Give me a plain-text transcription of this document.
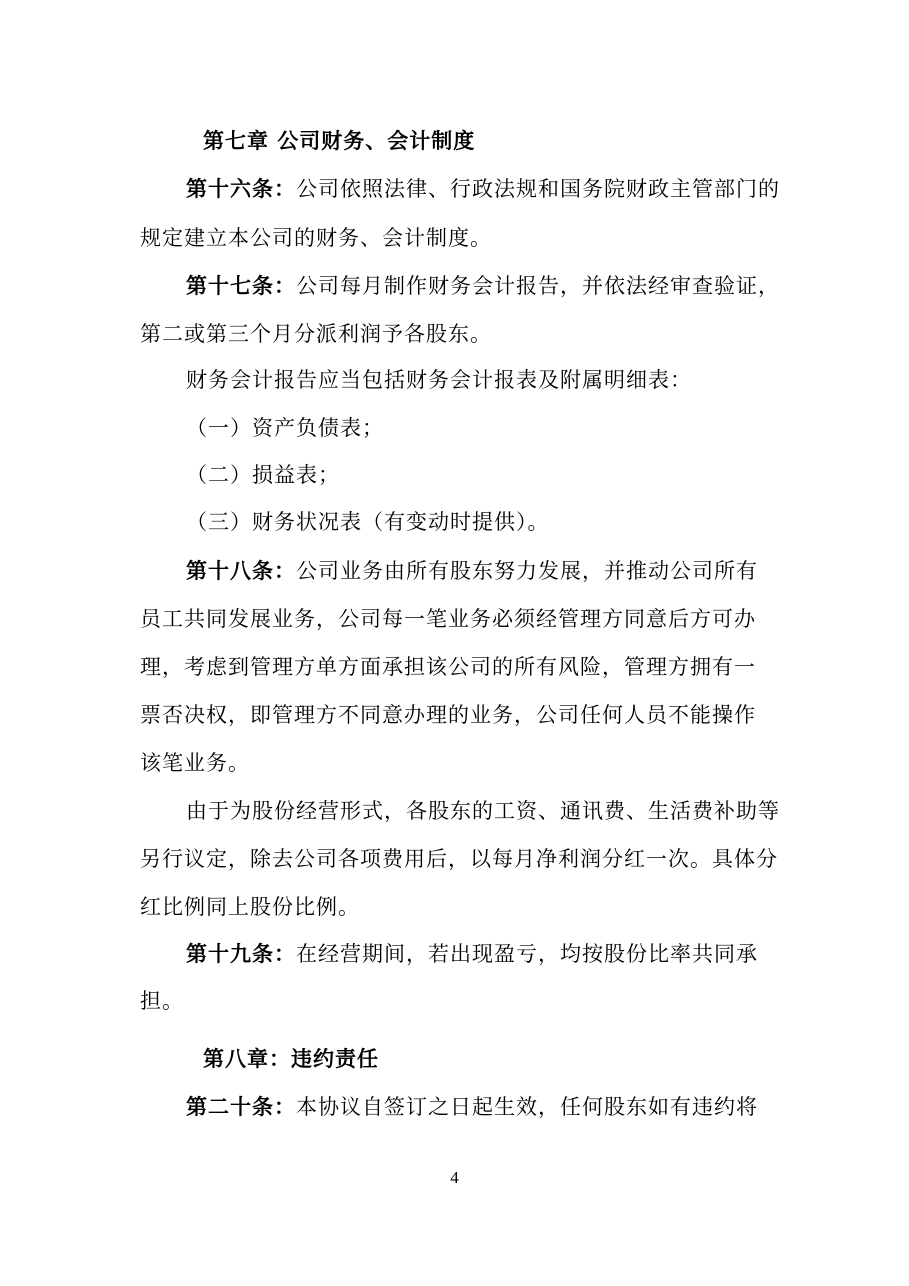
第七章 公司财务、会计制度
第十六条：公司依照法律、行政法规和国务院财政主管部门的
规定建立本公司的财务、会计制度。
第十七条：公司每月制作财务会计报告，并依法经审查验证，
第二或第三个月分派利润予各股东。
财务会计报告应当包括财务会计报表及附属明细表：
（一）资产负债表；
（二）损益表；
（三）财务状况表（有变动时提供）。
第十八条：公司业务由所有股东努力发展，并推动公司所有
员工共同发展业务，公司每一笔业务必须经管理方同意后方可办
理，考虑到管理方单方面承担该公司的所有风险，管理方拥有一
票否决权，即管理方不同意办理的业务，公司任何人员不能操作
该笔业务。
由于为股份经营形式，各股东的工资、通讯费、生活费补助等
另行议定，除去公司各项费用后，以每月净利润分红一次。具体分
红比例同上股份比例。
第十九条：在经营期间，若出现盈亏，均按股份比率共同承
担。
第八章：违约责任
第二十条：本协议自签订之日起生效，任何股东如有违约将
4
